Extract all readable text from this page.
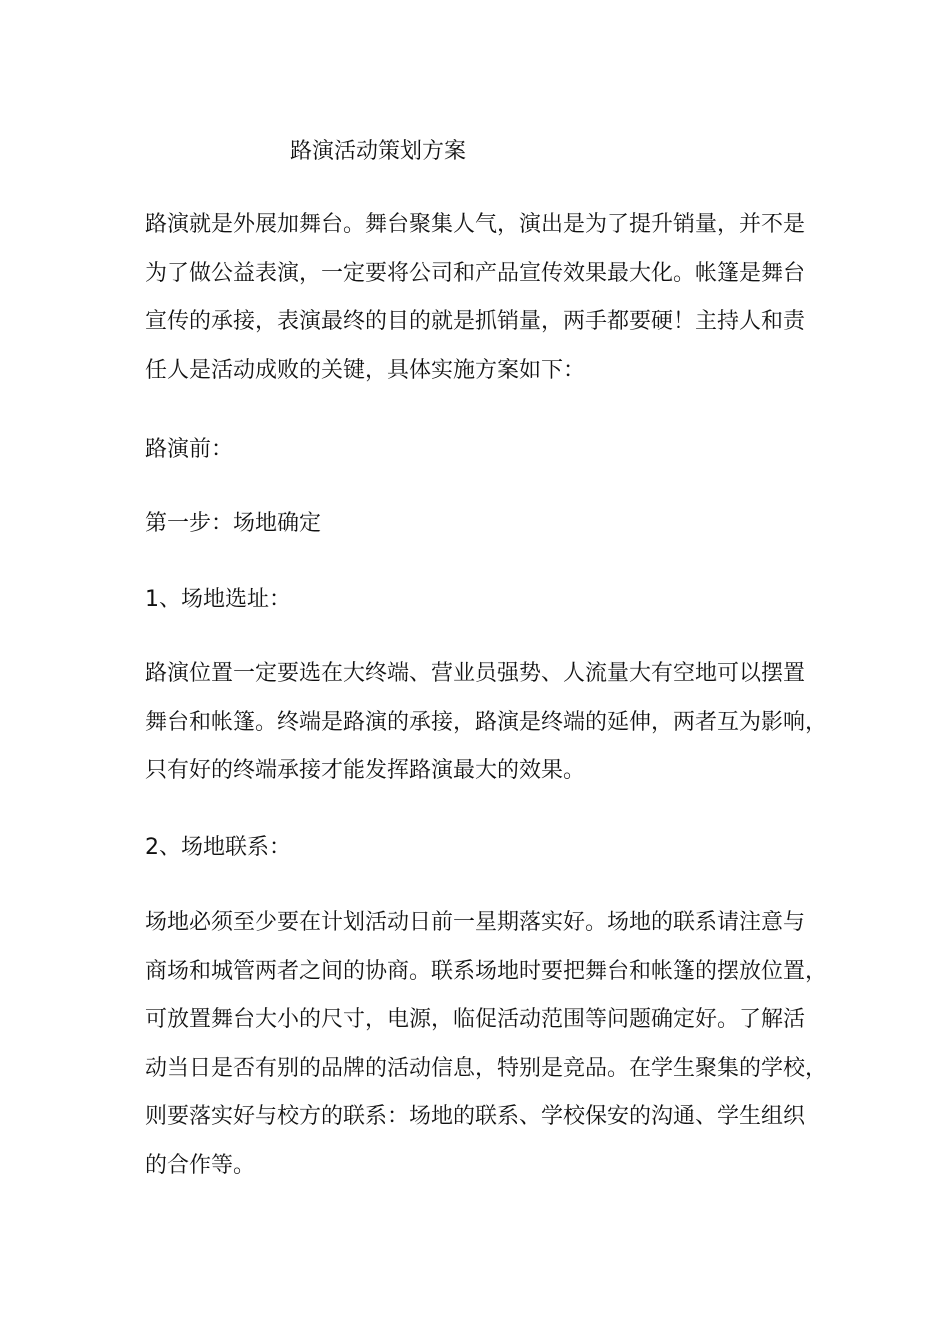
路演活动策划方案
路演就是外展加舞台。舞台聚集人气，演出是为了提升销量，并不是
为了做公益表演，一定要将公司和产品宣传效果最大化。帐篷是舞台
宣传的承接，表演最终的目的就是抓销量，两手都要硬！主持人和责
任人是活动成败的关键，具体实施方案如下：
路演前：
第一步：场地确定
1、场地选址：
路演位置一定要选在大终端、营业员强势、人流量大有空地可以摆置
舞台和帐篷。终端是路演的承接，路演是终端的延伸，两者互为影响，
只有好的终端承接才能发挥路演最大的效果。
2、场地联系：
场地必须至少要在计划活动日前一星期落实好。场地的联系请注意与
商场和城管两者之间的协商。联系场地时要把舞台和帐篷的摆放位置，
可放置舞台大小的尺寸，电源，临促活动范围等问题确定好。了解活
动当日是否有别的品牌的活动信息，特别是竞品。在学生聚集的学校，
则要落实好与校方的联系：场地的联系、学校保安的沟通、学生组织
的合作等。
